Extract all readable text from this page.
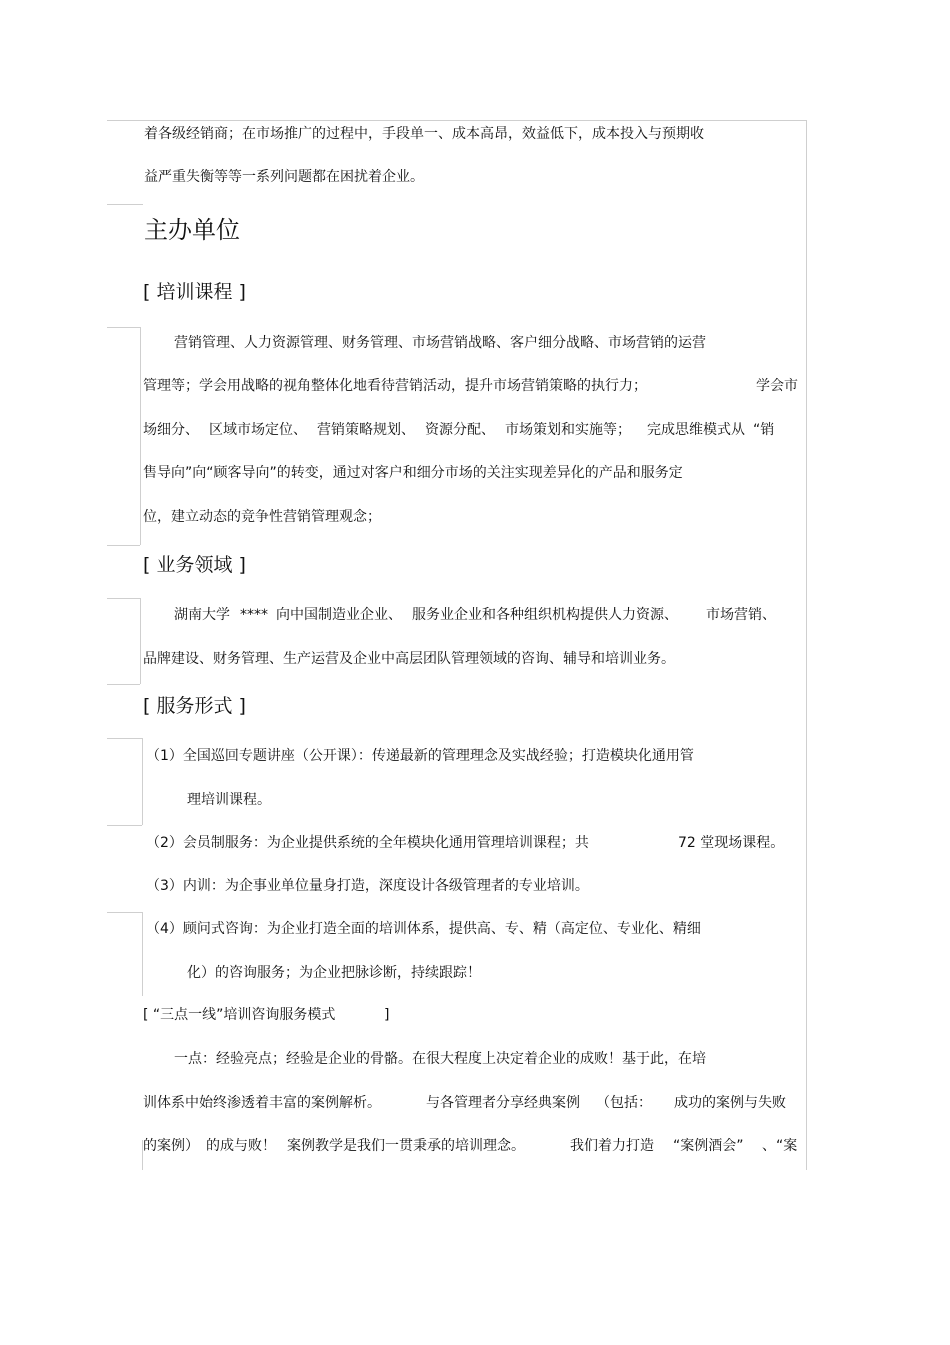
着各级经销商；在市场推广的过程中，手段单一、成本高昂，效益低下，成本投入与预期收
益严重失衡等等一系列问题都在困扰着企业。
主办单位
[ 培训课程 ]
营销管理、人力资源管理、财务管理、市场营销战略、客户细分战略、市场营销的运营
管理等；学会用战略的视角整体化地看待营销活动，提升市场营销策略的执行力；	学会市
场细分、 区域市场定位、 营销策略规划、 资源分配、 市场策划和实施等； 完成思维模式从 “销
售导向”向“顾客导向”的转变，通过对客户和细分市场的关注实现差异化的产品和服务定
位，建立动态的竞争性营销管理观念；
[ 业务领域 ]
湖南大学 **** 向中国制造业企业、 服务业企业和各种组织机构提供人力资源、 市场营销、
品牌建设、财务管理、生产运营及企业中高层团队管理领域的咨询、辅导和培训业务。
[ 服务形式 ]
（1）全国巡回专题讲座（公开课）：传递最新的管理理念及实战经验；打造模块化通用管
理培训课程。
（2）会员制服务：为企业提供系统的全年模块化通用管理培训课程；共	72 堂现场课程。
（3）内训：为企事业单位量身打造，深度设计各级管理者的专业培训。
（4）顾问式咨询：为企业打造全面的培训体系，提供高、专、精（高定位、专业化、精细
化）的咨询服务；为企业把脉诊断，持续跟踪！
[ “三点一线”培训咨询服务模式	]
一点：经验亮点；经验是企业的骨骼。在很大程度上决定着企业的成败！基于此，在培
训体系中始终渗透着丰富的案例解析。	与各管理者分享经典案例 （包括： 成功的案例与失败
的案例） 的成与败！ 案例教学是我们一贯秉承的培训理念。	我们着力打造 “案例酒会” 、“案
